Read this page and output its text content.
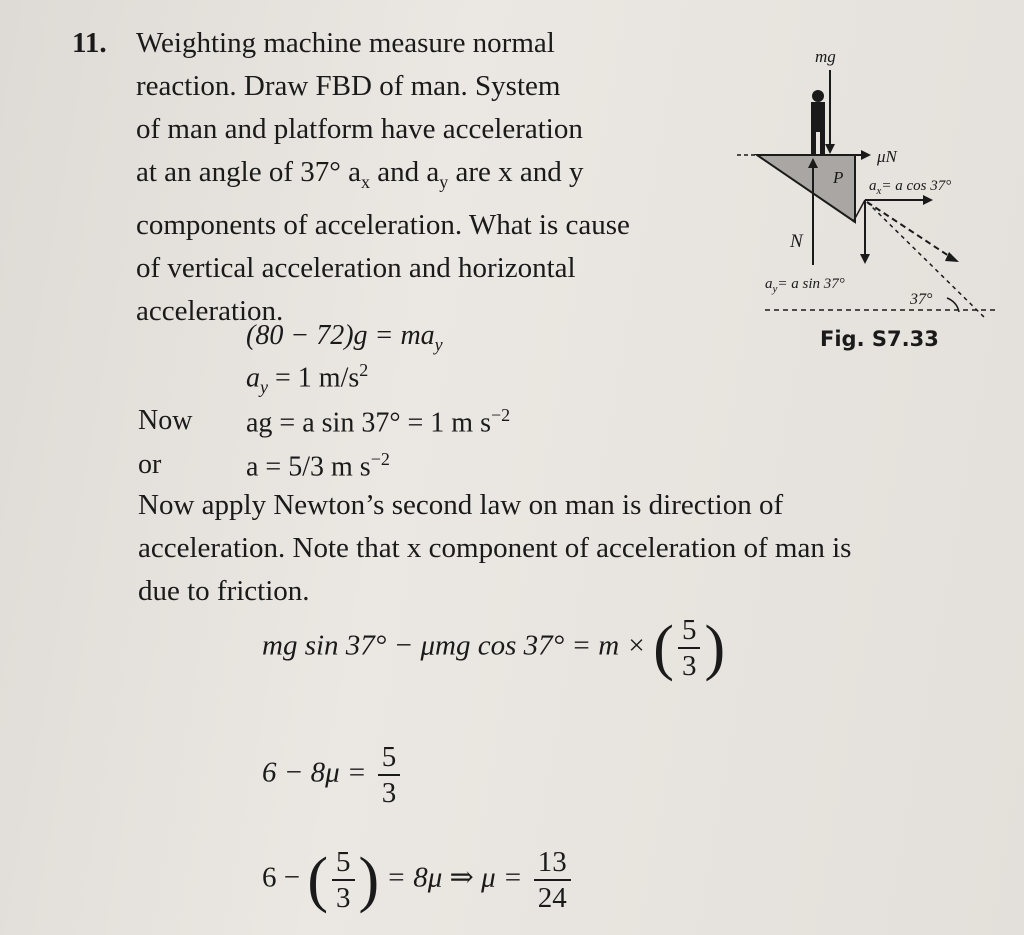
11. Weighting machine measure normal
reaction. Draw FBD of man. System
of man and platform have acceleration
at an angle of 37° $a_x$ and $a_y$ are x and y
components of acceleration. What is cause
of vertical acceleration and horizontal
acceleration.
mg
P
μN
N
$a_x= a$ cos 37°
$a_y= a$ sin 37°
37°
Fig. S7.33
$(80 - 72)g = ma_y$
$a_y = 1$ $m/s^2$
Now ag = a sin 37° = 1 m $s^{-2}$
or	a = 5/3 m $s^{-2}$
Now apply Newton’s second law on man is direction of
acceleration. Note that x component of acceleration of man is
due to friction.
mg sin 37° − μmg cos 37° = m × ( $\frac{5}{3}$ )
$6 - 8\mu = \frac{5}{3}$
6 − ( $\frac{5}{3}$ ) = 8μ ⇒ $\mu = \frac{13}{24}$
